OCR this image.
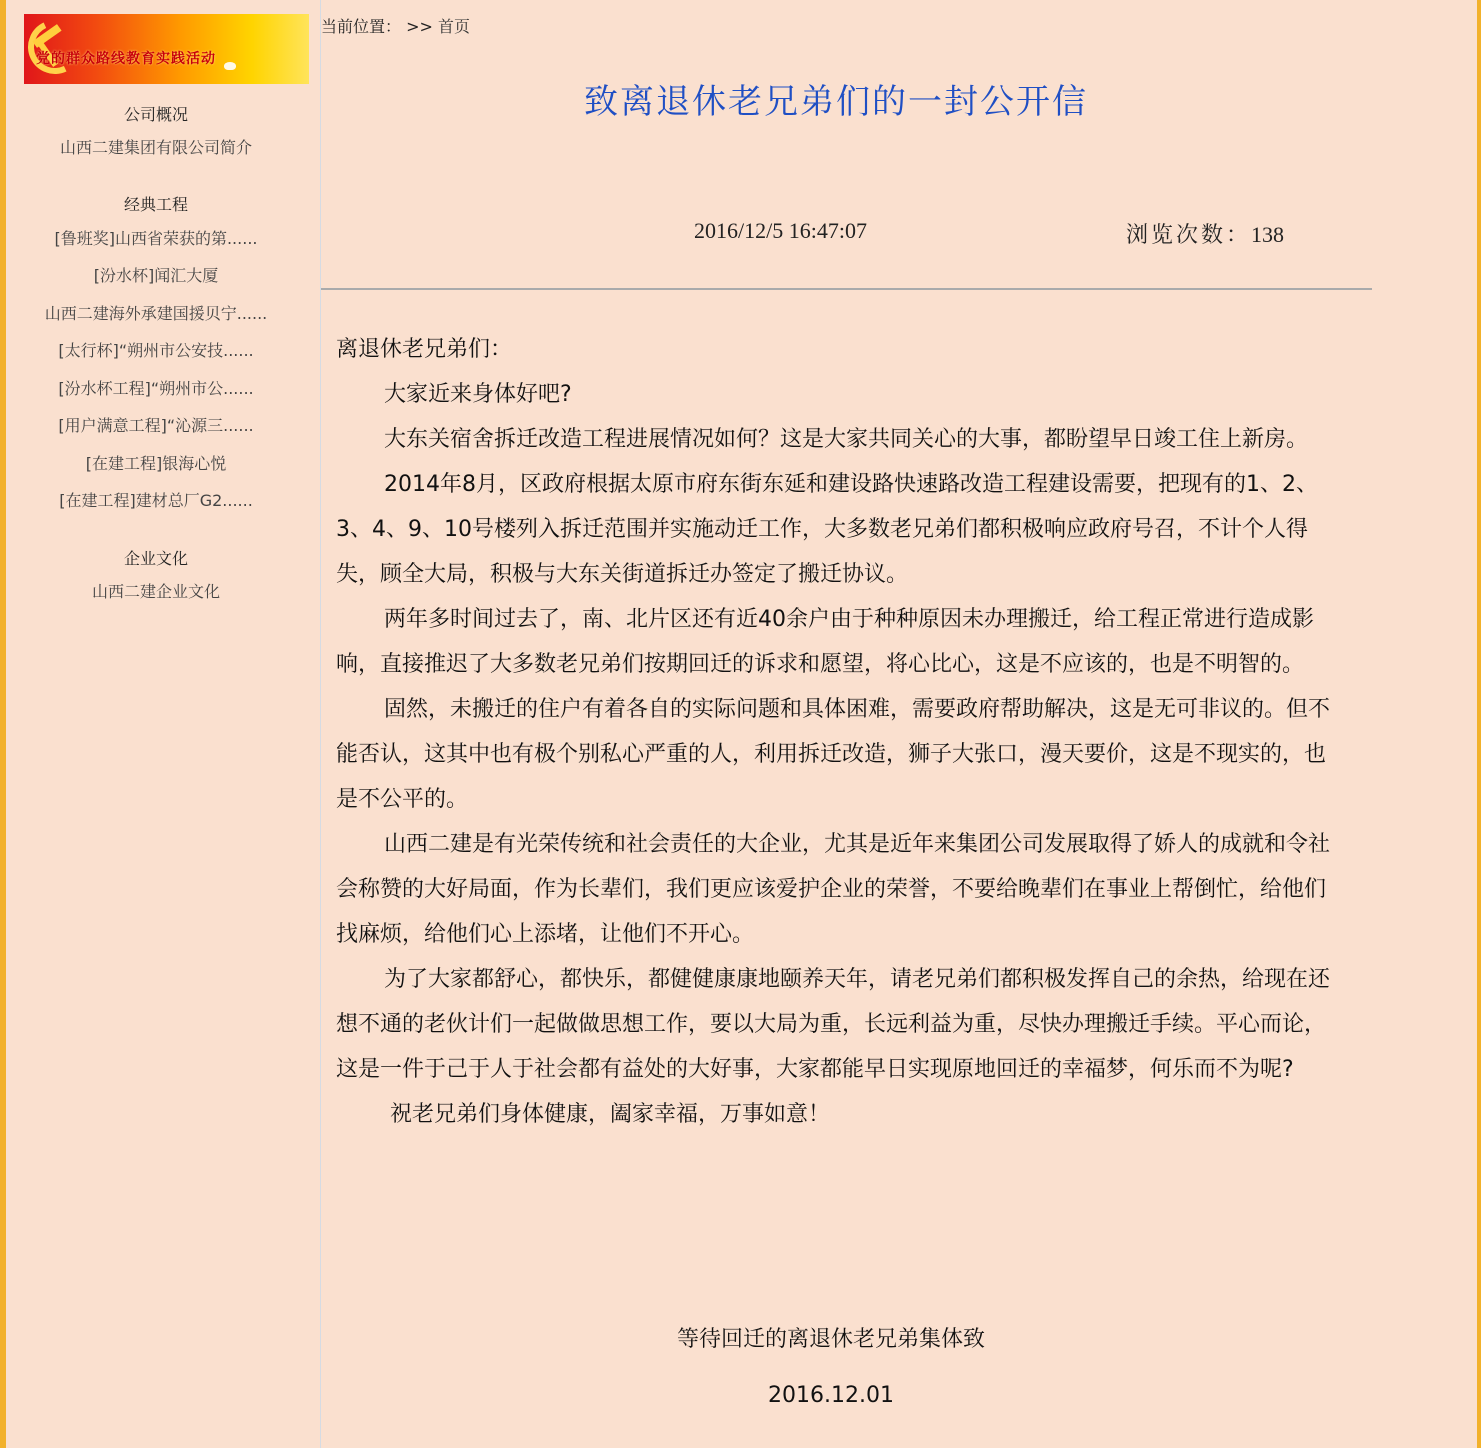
党的群众路线教育实践活动
公司概况
山西二建集团有限公司简介
经典工程
[鲁班奖]山西省荣获的第......
[汾水杯]闻汇大厦
山西二建海外承建国援贝宁......
[太行杯]“朔州市公安技......
[汾水杯工程]“朔州市公......
[用户满意工程]“沁源三......
[在建工程]银海心悦
[在建工程]建材总厂G2......
企业文化
山西二建企业文化
当前位置： >> 首页
致离退休老兄弟们的一封公开信
2016/12/5 16:47:07	浏览次数：138

离退休老兄弟们：

大家近来身体好吧?

大东关宿舍拆迁改造工程进展情况如何？这是大家共同关心的大事，都盼望早日竣工住上新房。

2014年8月，区政府根据太原市府东街东延和建设路快速路改造工程建设需要，把现有的1、2、3、4、9、10号楼列入拆迁范围并实施动迁工作，大多数老兄弟们都积极响应政府号召，不计个人得失，顾全大局，积极与大东关街道拆迁办签定了搬迁协议。

两年多时间过去了，南、北片区还有近40余户由于种种原因未办理搬迁，给工程正常进行造成影响，直接推迟了大多数老兄弟们按期回迁的诉求和愿望，将心比心，这是不应该的，也是不明智的。

固然，未搬迁的住户有着各自的实际问题和具体困难，需要政府帮助解决，这是无可非议的。但不能否认，这其中也有极个别私心严重的人，利用拆迁改造，狮子大张口，漫天要价，这是不现实的，也是不公平的。

山西二建是有光荣传统和社会责任的大企业，尤其是近年来集团公司发展取得了娇人的成就和令社会称赞的大好局面，作为长辈们，我们更应该爱护企业的荣誉，不要给晚辈们在事业上帮倒忙，给他们找麻烦，给他们心上添堵，让他们不开心。

为了大家都舒心，都快乐，都健健康康地颐养天年，请老兄弟们都积极发挥自己的余热，给现在还想不通的老伙计们一起做做思想工作，要以大局为重，长远利益为重，尽快办理搬迁手续。平心而论，这是一件于己于人于社会都有益处的大好事，大家都能早日实现原地回迁的幸福梦，何乐而不为呢?

祝老兄弟们身体健康，阖家幸福，万事如意！

等待回迁的离退休老兄弟集体致
2016.12.01
